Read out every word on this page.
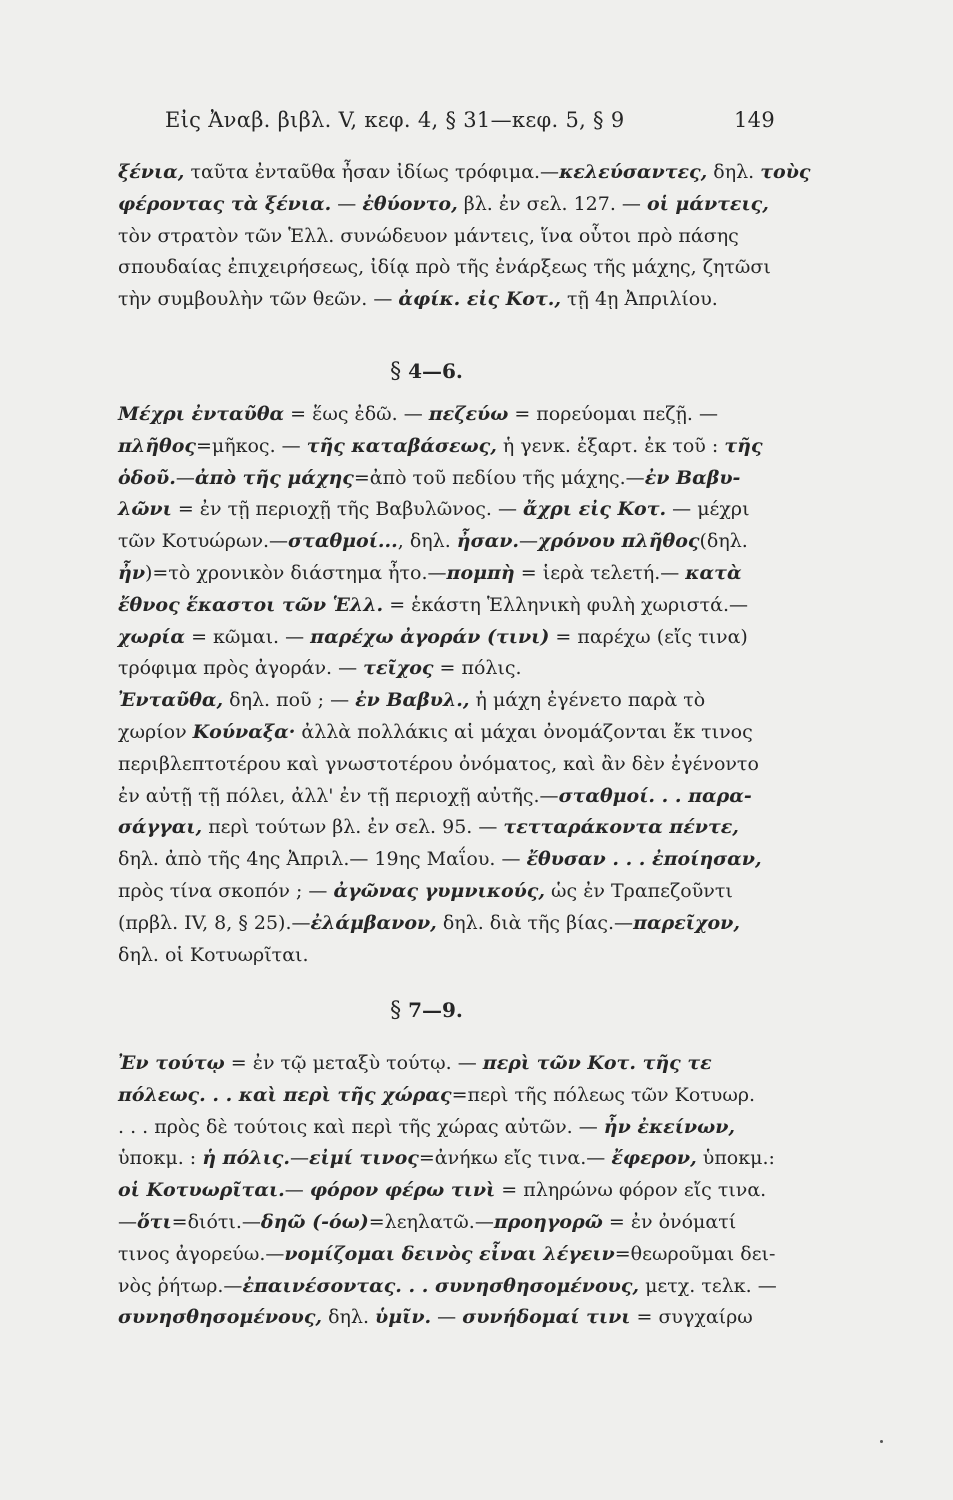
Εἰς Ἀναβ. βιβλ. V, κεφ. 4, § 31—κεφ. 5, § 9	149
ξένια, ταῦτα ἐνταῦθα ἦσαν ἰδίως τρόφιμα.—κελεύσαντες, δηλ. τοὺς
φέροντας τὰ ξένια. — ἐθύοντο, βλ. ἐν σελ. 127. — οἱ μάντεις,
τὸν στρατὸν τῶν Ἑλλ. συνώδευον μάντεις, ἵνα οὗτοι πρὸ πάσης
σπουδαίας ἐπιχειρήσεως, ἰδίᾳ πρὸ τῆς ἐνάρξεως τῆς μάχης, ζητῶσι
τὴν συμβουλὴν τῶν θεῶν. — ἀφίκ. εἰς Κοτ., τῇ 4ῃ Ἀπριλίου.
§ 4—6.
Μέχρι ἐνταῦθα = ἕως ἐδῶ. — πεζεύω = πορεύομαι πεζῇ. —
πλῆθος=μῆκος. — τῆς καταβάσεως, ἡ γενκ. ἐξαρτ. ἐκ τοῦ : τῆς
ὁδοῦ.—ἀπὸ τῆς μάχης=ἀπὸ τοῦ πεδίου τῆς μάχης.—ἐν Βαβυ-
λῶνι = ἐν τῇ περιοχῇ τῆς Βαβυλῶνος. — ἄχρι εἰς Κοτ. — μέχρι
τῶν Κοτυώρων.—σταθμοί..., δηλ. ἦσαν.—χρόνου πλῆθος(δηλ.
ἦν)=τὸ χρονικὸν διάστημα ἦτο.—πομπὴ = ἱερὰ τελετή.— κατὰ
ἔθνος ἕκαστοι τῶν Ἑλλ. = ἑκάστη Ἑλληνικὴ φυλὴ χωριστά.—
χωρία = κῶμαι. — παρέχω ἀγοράν (τινι) = παρέχω (εἴς τινα)
τρόφιμα πρὸς ἀγοράν. — τεῖχος = πόλις.
Ἐνταῦθα, δηλ. ποῦ ; — ἐν Βαβυλ., ἡ μάχη ἐγένετο παρὰ τὸ
χωρίον Κούναξα· ἀλλὰ πολλάκις αἱ μάχαι ὀνομάζονται ἔκ τινος
περιβλεπτοτέρου καὶ γνωστοτέρου ὀνόματος, καὶ ἂν δὲν ἐγένοντο
ἐν αὐτῇ τῇ πόλει, ἀλλ' ἐν τῇ περιοχῇ αὐτῆς.—σταθμοί. . . παρα-
σάγγαι, περὶ τούτων βλ. ἐν σελ. 95. — τετταράκοντα πέντε,
δηλ. ἀπὸ τῆς 4ης Ἀπριλ.— 19ης Μαΐου. — ἔθυσαν . . . ἐποίησαν,
πρὸς τίνα σκοπόν ; — ἀγῶνας γυμνικούς, ὡς ἐν Τραπεζοῦντι
(πρβλ. IV, 8, § 25).—ἐλάμβανον, δηλ. διὰ τῆς βίας.—παρεῖχον,
δηλ. οἱ Κοτυωρῖται.
§ 7—9.
Ἐν τούτῳ = ἐν τῷ μεταξὺ τούτῳ. — περὶ τῶν Κοτ. τῆς τε
πόλεως. . . καὶ περὶ τῆς χώρας=περὶ τῆς πόλεως τῶν Κοτυωρ.
. . . πρὸς δὲ τούτοις καὶ περὶ τῆς χώρας αὐτῶν. — ἦν ἐκείνων,
ὑποκμ. : ἡ πόλις.—εἰμί τινος=ἀνήκω εἴς τινα.— ἔφερον, ὑποκμ.:
οἱ Κοτυωρῖται.— φόρον φέρω τινὶ = πληρώνω φόρον εἴς τινα.
—ὅτι=διότι.—δηῶ (-όω)=λεηλατῶ.—προηγορῶ = ἐν ὀνόματί
τινος ἀγορεύω.—νομίζομαι δεινὸς εἶναι λέγειν=θεωροῦμαι δει-
νὸς ῥήτωρ.—ἐπαινέσοντας. . . συνησθησομένους, μετχ. τελκ. —
συνησθησομένους, δηλ. ὑμῖν. — συνήδομαί τινι = συγχαίρω
